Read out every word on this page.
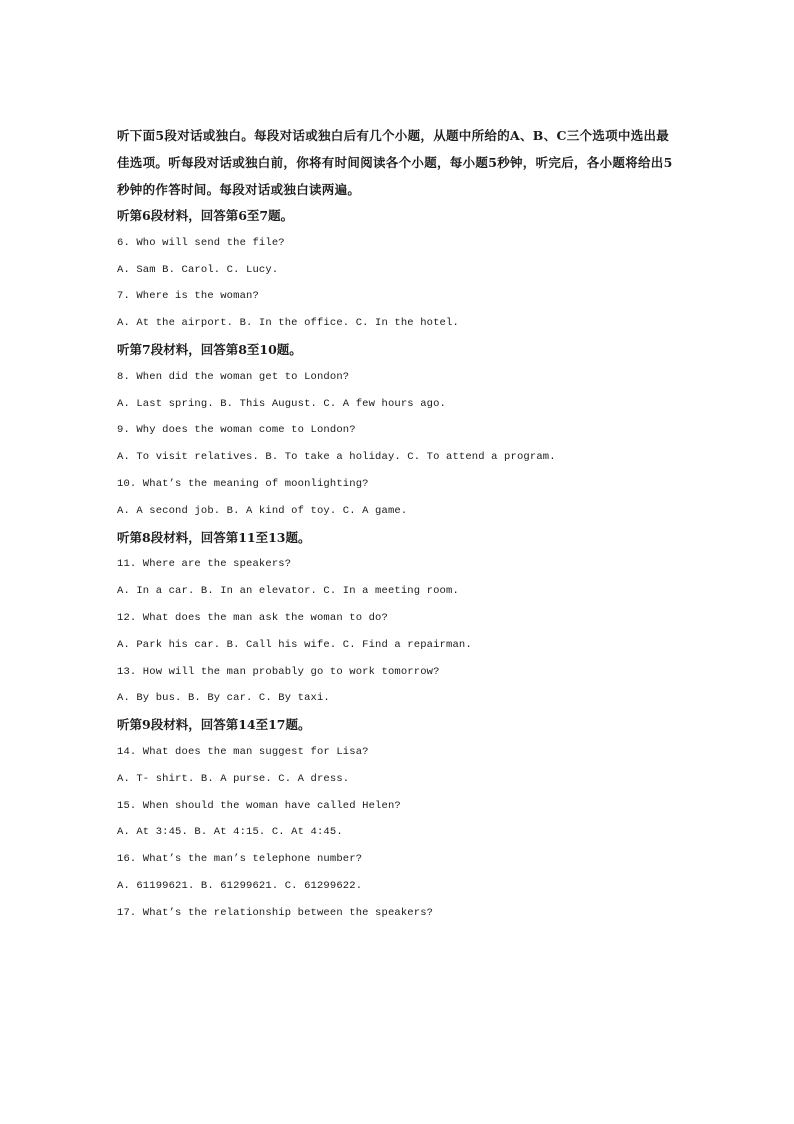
听下面5段对话或独白。每段对话或独白后有几个小题，从题中所给的A、B、C三个选项中选出最佳选项。听每段对话或独白前，你将有时间阅读各个小题，每小题5秒钟，听完后，各小题将给出5秒钟的作答时间。每段对话或独白读两遍。

听第6段材料，回答第6至7题。

6. Who will send the file?

A. Sam B. Carol. C. Lucy.

7. Where is the woman?

A. At the airport. B. In the office. C. In the hotel.

听第7段材料，回答第8至10题。

8. When did the woman get to London?

A. Last spring. B. This August. C. A few hours ago.

9. Why does the woman come to London?

A. To visit relatives. B. To take a holiday. C. To attend a program.

10. What’s the meaning of moonlighting?

A. A second job. B. A kind of toy. C. A game.

听第8段材料，回答第11至13题。

11. Where are the speakers?

A. In a car. B. In an elevator. C. In a meeting room.

12. What does the man ask the woman to do?

A. Park his car. B. Call his wife. C. Find a repairman.

13. How will the man probably go to work tomorrow?

A. By bus. B. By car. C. By taxi.

听第9段材料，回答第14至17题。

14. What does the man suggest for Lisa?

A. T- shirt. B. A purse. C. A dress.

15. When should the woman have called Helen?

A. At 3:45. B. At 4:15. C. At 4:45.

16. What’s the man’s telephone number?

A. 61199621. B. 61299621. C. 61299622.

17. What’s the relationship between the speakers?
